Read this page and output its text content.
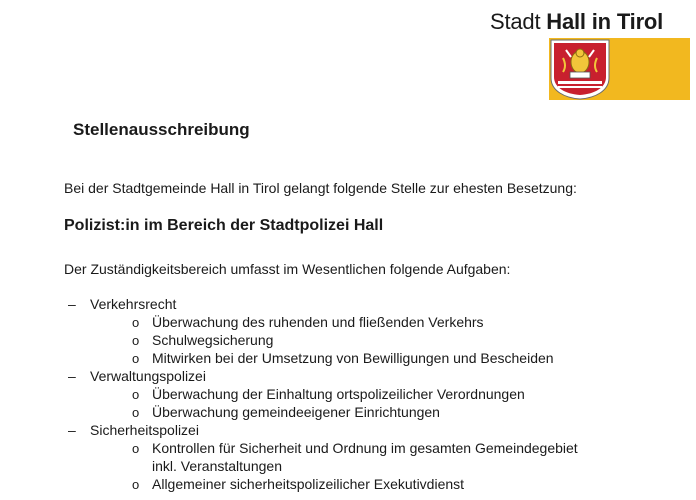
Stadt Hall in Tirol
Stellenausschreibung
Bei der Stadtgemeinde Hall in Tirol gelangt folgende Stelle zur ehesten Besetzung:
Polizist:in im Bereich der Stadtpolizei Hall
Der Zuständigkeitsbereich umfasst im Wesentlichen folgende Aufgaben:
– Verkehrsrecht
o Überwachung des ruhenden und fließenden Verkehrs
o Schulwegsicherung
o Mitwirken bei der Umsetzung von Bewilligungen und Bescheiden
– Verwaltungspolizei
o Überwachung der Einhaltung ortspolizeilicher Verordnungen
o Überwachung gemeindeeigener Einrichtungen
– Sicherheitspolizei
o Kontrollen für Sicherheit und Ordnung im gesamten Gemeindegebiet
inkl. Veranstaltungen
o Allgemeiner sicherheitspolizeilicher Exekutivdienst
